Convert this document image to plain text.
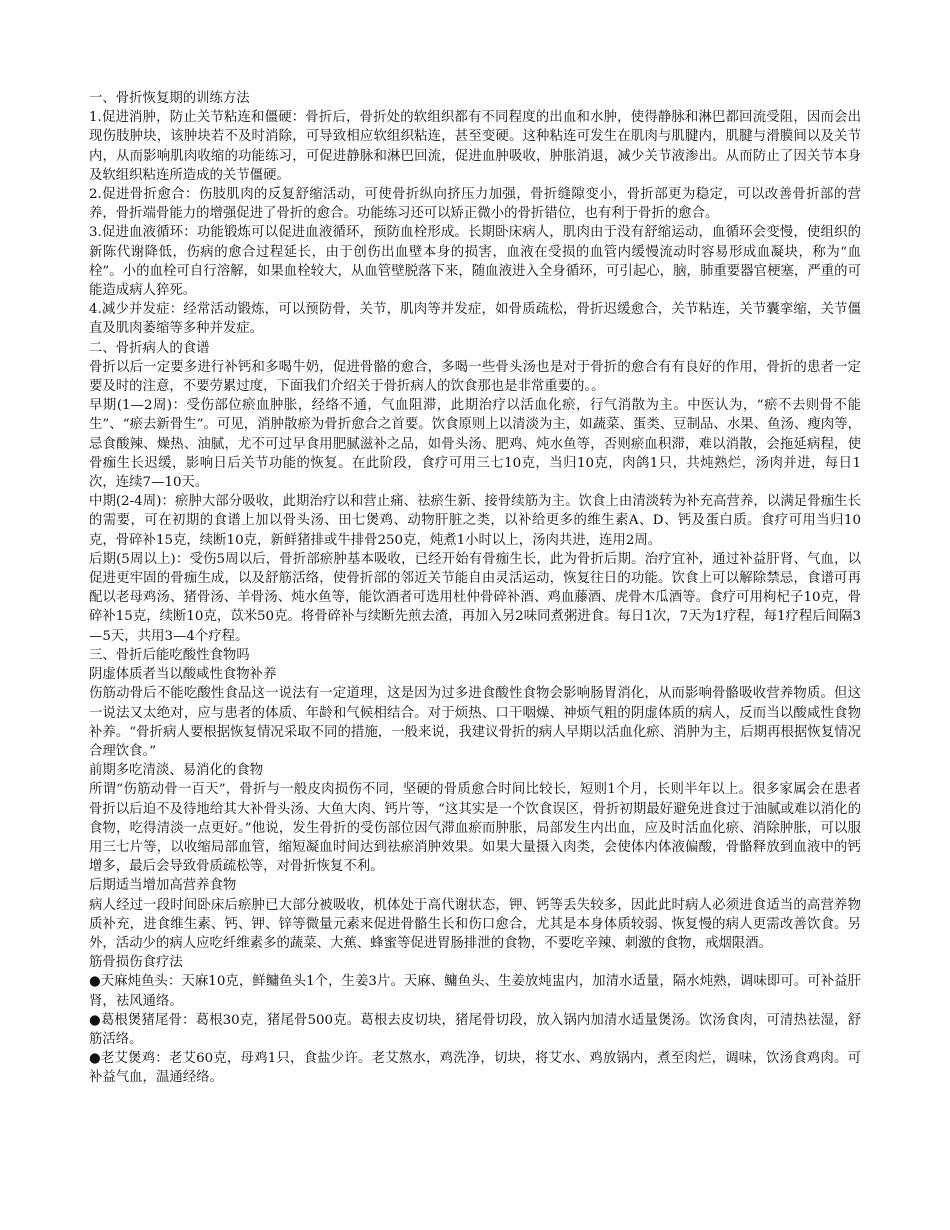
一、骨折恢复期的训练方法

1.促进消肿，防止关节粘连和僵硬：骨折后，骨折处的软组织都有不同程度的出血和水肿，使得静脉和淋巴都回流受阻，因而会出现伤肢肿块，该肿块若不及时消除，可导致相应软组织粘连，甚至变硬。这种粘连可发生在肌肉与肌腱内，肌腱与滑膜间以及关节内，从而影响肌肉收缩的功能练习，可促进静脉和淋巴回流，促进血肿吸收，肿胀消退，减少关节液渗出。从而防止了因关节本身及软组织粘连所造成的关节僵硬。

2.促进骨折愈合：伤肢肌肉的反复舒缩活动，可使骨折纵向挤压力加强，骨折缝隙变小，骨折部更为稳定，可以改善骨折部的营养，骨折端骨能力的增强促进了骨折的愈合。功能练习还可以矫正微小的骨折错位，也有利于骨折的愈合。

3.促进血液循环：功能锻炼可以促进血液循环，预防血栓形成。长期卧床病人，肌肉由于没有舒缩运动，血循环会变慢，使组织的新陈代谢降低，伤病的愈合过程延长，由于创伤出血壁本身的损害，血液在受损的血管内缓慢流动时容易形成血凝块，称为“血栓”。小的血栓可自行溶解，如果血栓较大，从血管壁脱落下来，随血液进入全身循环，可引起心，脑，肺重要器官梗塞，严重的可能造成病人猝死。

4.减少并发症：经常活动锻炼，可以预防骨，关节，肌肉等并发症，如骨质疏松，骨折迟缓愈合，关节粘连，关节囊挛缩，关节僵直及肌肉萎缩等多种并发症。

二、骨折病人的食谱

骨折以后一定要多进行补钙和多喝牛奶，促进骨骼的愈合，多喝一些骨头汤也是对于骨折的愈合有有良好的作用，骨折的患者一定要及时的注意，不要劳累过度，下面我们介绍关于骨折病人的饮食那也是非常重要的。。

早期(1—2周)：受伤部位瘀血肿胀，经络不通，气血阻滞，此期治疗以活血化瘀，行气消散为主。中医认为，“瘀不去则骨不能生”、“瘀去新骨生”。可见，消肿散瘀为骨折愈合之首要。饮食原则上以清淡为主，如蔬菜、蛋类、豆制品、水果、鱼汤、瘦肉等，忌食酸辣、燥热、油腻，尤不可过早食用肥腻滋补之品，如骨头汤、肥鸡、炖水鱼等，否则瘀血积滞，难以消散，会拖延病程，使骨痂生长迟缓，影响日后关节功能的恢复。在此阶段，食疗可用三七10克，当归10克，肉鸽1只，共炖熟烂，汤肉并进，每日1次，连续7—10天。

中期(2-4周)：瘀肿大部分吸收，此期治疗以和营止痛、祛瘀生新、接骨续筋为主。饮食上由清淡转为补充高营养，以满足骨痂生长的需要，可在初期的食谱上加以骨头汤、田七煲鸡、动物肝脏之类，以补给更多的维生素A、D、钙及蛋白质。食疗可用当归10克，骨碎补15克，续断10克，新鲜猪排或牛排骨250克，炖煮1小时以上，汤肉共进，连用2周。

后期(5周以上)：受伤5周以后，骨折部瘀肿基本吸收，已经开始有骨痂生长，此为骨折后期。治疗宜补，通过补益肝肾、气血，以促进更牢固的骨痂生成，以及舒筋活络，使骨折部的邻近关节能自由灵活运动，恢复往日的功能。饮食上可以解除禁忌，食谱可再配以老母鸡汤、猪骨汤、羊骨汤、炖水鱼等，能饮酒者可选用杜仲骨碎补酒、鸡血藤酒、虎骨木瓜酒等。食疗可用枸杞子10克，骨碎补15克，续断10克，苡米50克。将骨碎补与续断先煎去渣，再加入另2味同煮粥进食。每日1次，7天为1疗程，每1疗程后间隔3—5天，共用3—4个疗程。

三、骨折后能吃酸性食物吗

阴虚体质者当以酸咸性食物补养

伤筋动骨后不能吃酸性食品这一说法有一定道理，这是因为过多进食酸性食物会影响肠胃消化，从而影响骨骼吸收营养物质。但这一说法又太绝对，应与患者的体质、年龄和气候相结合。对于烦热、口干咽燥、神烦气粗的阴虚体质的病人，反而当以酸咸性食物补养。“骨折病人要根据恢复情况采取不同的措施，一般来说，我建议骨折的病人早期以活血化瘀、消肿为主，后期再根据恢复情况合理饮食。”

前期多吃清淡、易消化的食物

所谓“伤筋动骨一百天”，骨折与一般皮肉损伤不同，坚硬的骨质愈合时间比较长，短则1个月，长则半年以上。很多家属会在患者骨折以后迫不及待地给其大补骨头汤、大鱼大肉、钙片等，“这其实是一个饮食误区，骨折初期最好避免进食过于油腻或难以消化的食物，吃得清淡一点更好。”他说，发生骨折的受伤部位因气滞血瘀而肿胀，局部发生内出血，应及时活血化瘀、消除肿胀，可以服用三七片等，以收缩局部血管，缩短凝血时间达到祛瘀消肿效果。如果大量摄入肉类，会使体内体液偏酸，骨骼释放到血液中的钙增多，最后会导致骨质疏松等，对骨折恢复不利。

后期适当增加高营养食物

病人经过一段时间卧床后瘀肿已大部分被吸收，机体处于高代谢状态，钾、钙等丢失较多，因此此时病人必须进食适当的高营养物质补充，进食维生素、钙、钾、锌等微量元素来促进骨骼生长和伤口愈合，尤其是本身体质较弱、恢复慢的病人更需改善饮食。另外，活动少的病人应吃纤维素多的蔬菜、大蕉、蜂蜜等促进胃肠排泄的食物，不要吃辛辣、刺激的食物，戒烟限酒。

筋骨损伤食疗法

●天麻炖鱼头：天麻10克，鲜鳙鱼头1个，生姜3片。天麻、鳙鱼头、生姜放炖盅内，加清水适量，隔水炖熟，调味即可。可补益肝肾，祛风通络。

●葛根煲猪尾骨：葛根30克，猪尾骨500克。葛根去皮切块，猪尾骨切段，放入锅内加清水适量煲汤。饮汤食肉，可清热祛湿，舒筋活络。

●老艾煲鸡：老艾60克，母鸡1只，食盐少许。老艾熬水，鸡洗净，切块，将艾水、鸡放锅内，煮至肉烂，调味，饮汤食鸡肉。可补益气血，温通经络。
